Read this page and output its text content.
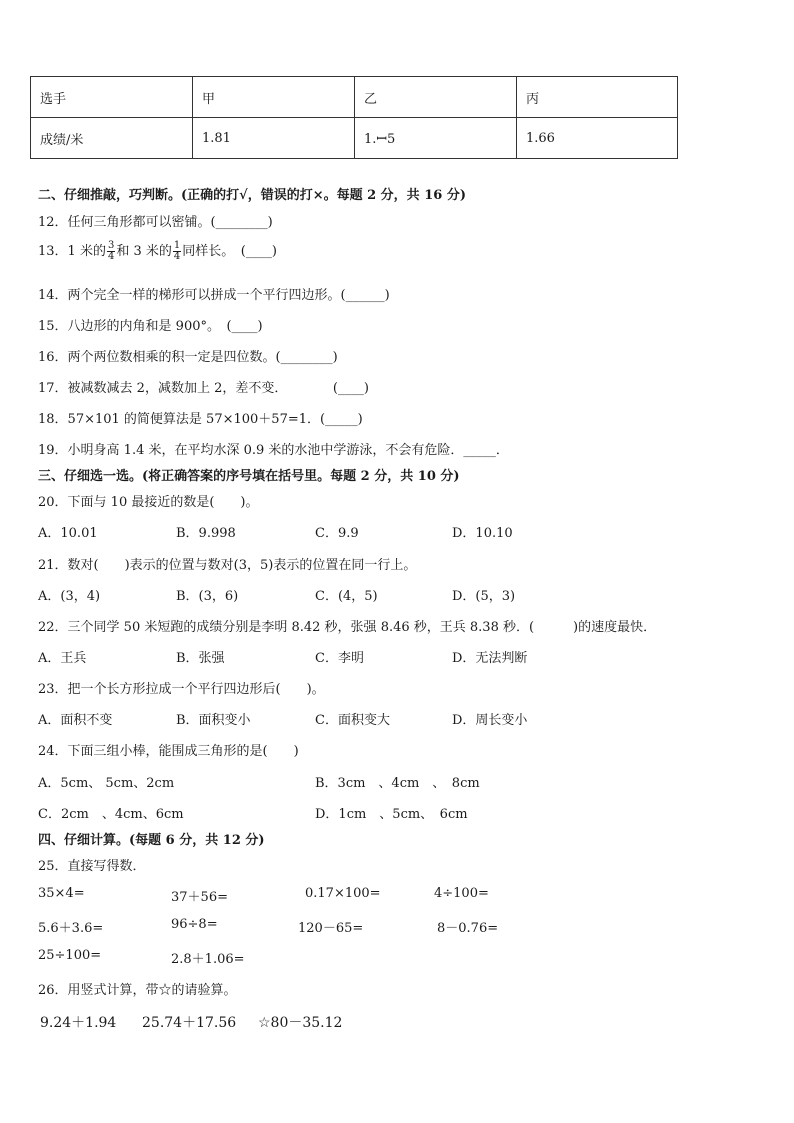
选手	甲	乙	丙
成绩/米	1.81	1.ꟷ5	1.66
二、仔细推敲，巧判断。(正确的打√，错误的打×。每题 2 分，共 16 分)
12．任何三角形都可以密铺。(________)
13．1 米的 $\frac{3}{4}$ 和 3 米的 $\frac{1}{4}$ 同样长。　(____)
14．两个完全一样的梯形可以拼成一个平行四边形。(______)
15．八边形的内角和是 900°。　(____)
16．两个两位数相乘的积一定是四位数。(________)
17．被减数减去 2，减数加上 2，差不变．　　　　(____)
18．57×101 的简便算法是 57×100＋57=1．(_____)
19．小明身高 1.4 米，在平均水深 0.9 米的水池中学游泳，不会有危险．_____．
三、仔细选一选。(将正确答案的序号填在括号里。每题 2 分，共 10 分)
20．下面与 10 最接近的数是(　　)。
A．10.01	B．9.998	C．9.9	D．10.10
21．数对(　　)表示的位置与数对(3，5)表示的位置在同一行上。
A．(3，4)	B．(3，6)	C．(4，5)	D．(5，3)
22．三个同学 50 米短跑的成绩分别是李明 8.42 秒，张强 8.46 秒，王兵 8.38 秒．(　　　)的速度最快．
A．王兵	B．张强	C．李明	D．无法判断
23．把一个长方形拉成一个平行四边形后(　　)。
A．面积不变	B．面积变小	C．面积变大	D．周长变小
24．下面三组小棒，能围成三角形的是(　　)
A．5cm、 5cm、2cm	B．3cm　、4cm　、　8cm
C．2cm　、4cm、6cm	D．1cm　、5cm、　6cm
四、仔细计算。(每题 6 分，共 12 分)
25．直接写得数．
35×4=	37＋56=	0.17×100=	4÷100=
5.6＋3.6=	96÷8=	120－65=	8－0.76=
25÷100=	2.8＋1.06=
26．用竖式计算，带☆的请验算。
9.24＋1.94 25.74＋17.56 ☆80－35.12
